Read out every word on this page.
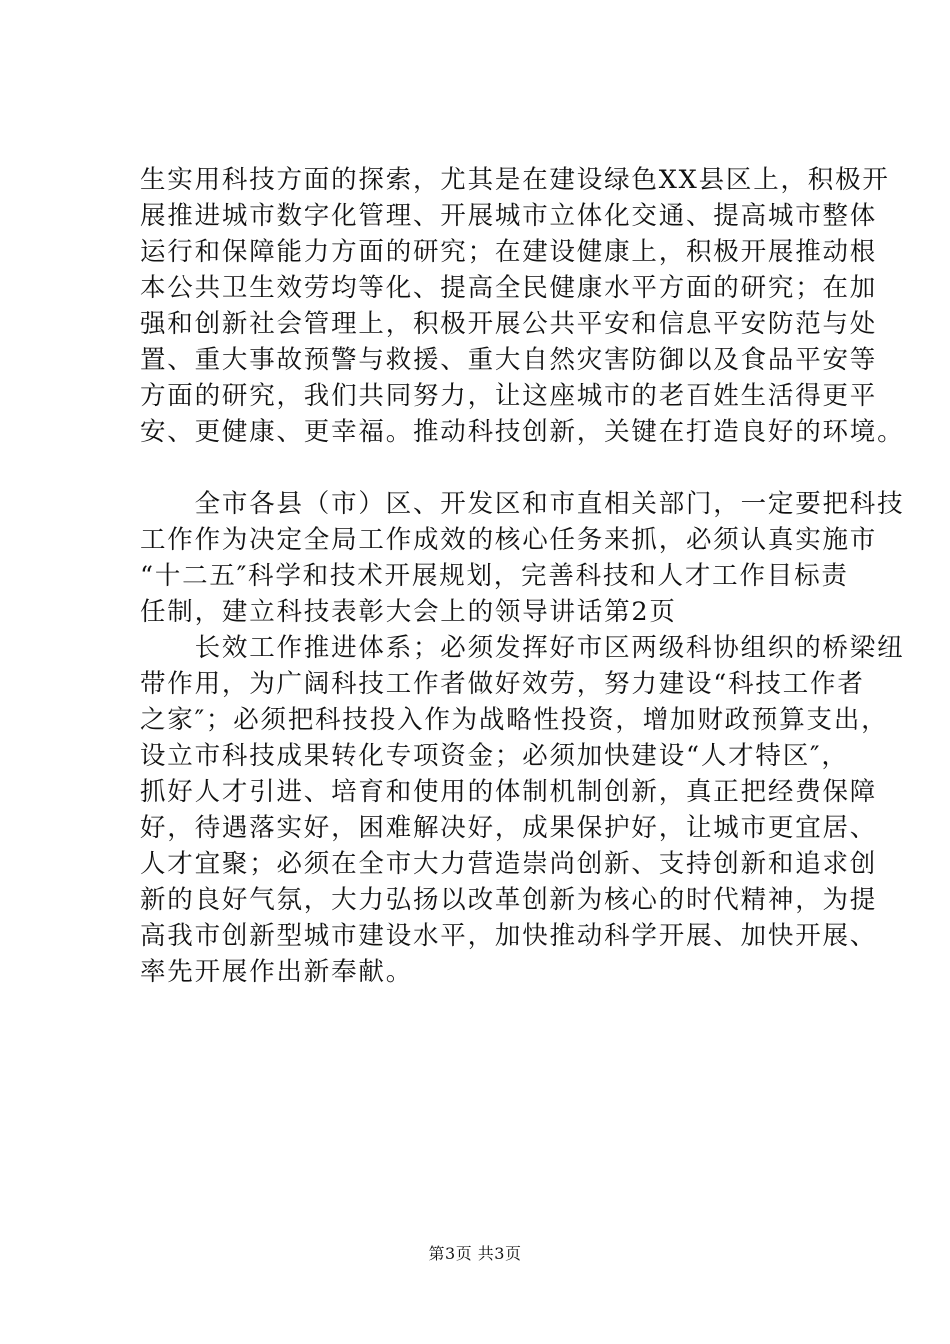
生实用科技方面的探索，尤其是在建设绿色XX县区上，积极开
展推进城市数字化管理、开展城市立体化交通、提高城市整体
运行和保障能力方面的研究；在建设健康上，积极开展推动根
本公共卫生效劳均等化、提高全民健康水平方面的研究；在加
强和创新社会管理上，积极开展公共平安和信息平安防范与处
置、重大事故预警与救援、重大自然灾害防御以及食品平安等
方面的研究，我们共同努力，让这座城市的老百姓生活得更平
安、更健康、更幸福。推动科技创新，关键在打造良好的环境。
　　全市各县（市）区、开发区和市直相关部门，一定要把科技
工作作为决定全局工作成效的核心任务来抓，必须认真实施市
“十二五″科学和技术开展规划，完善科技和人才工作目标责
任制，建立科技表彰大会上的领导讲话第2页
　　长效工作推进体系；必须发挥好市区两级科协组织的桥梁纽
带作用，为广阔科技工作者做好效劳，努力建设“科技工作者
之家″；必须把科技投入作为战略性投资，增加财政预算支出，
设立市科技成果转化专项资金；必须加快建设“人才特区″，
抓好人才引进、培育和使用的体制机制创新，真正把经费保障
好，待遇落实好，困难解决好，成果保护好，让城市更宜居、
人才宜聚；必须在全市大力营造崇尚创新、支持创新和追求创
新的良好气氛，大力弘扬以改革创新为核心的时代精神，为提
高我市创新型城市建设水平，加快推动科学开展、加快开展、
率先开展作出新奉献。
第3页 共3页
